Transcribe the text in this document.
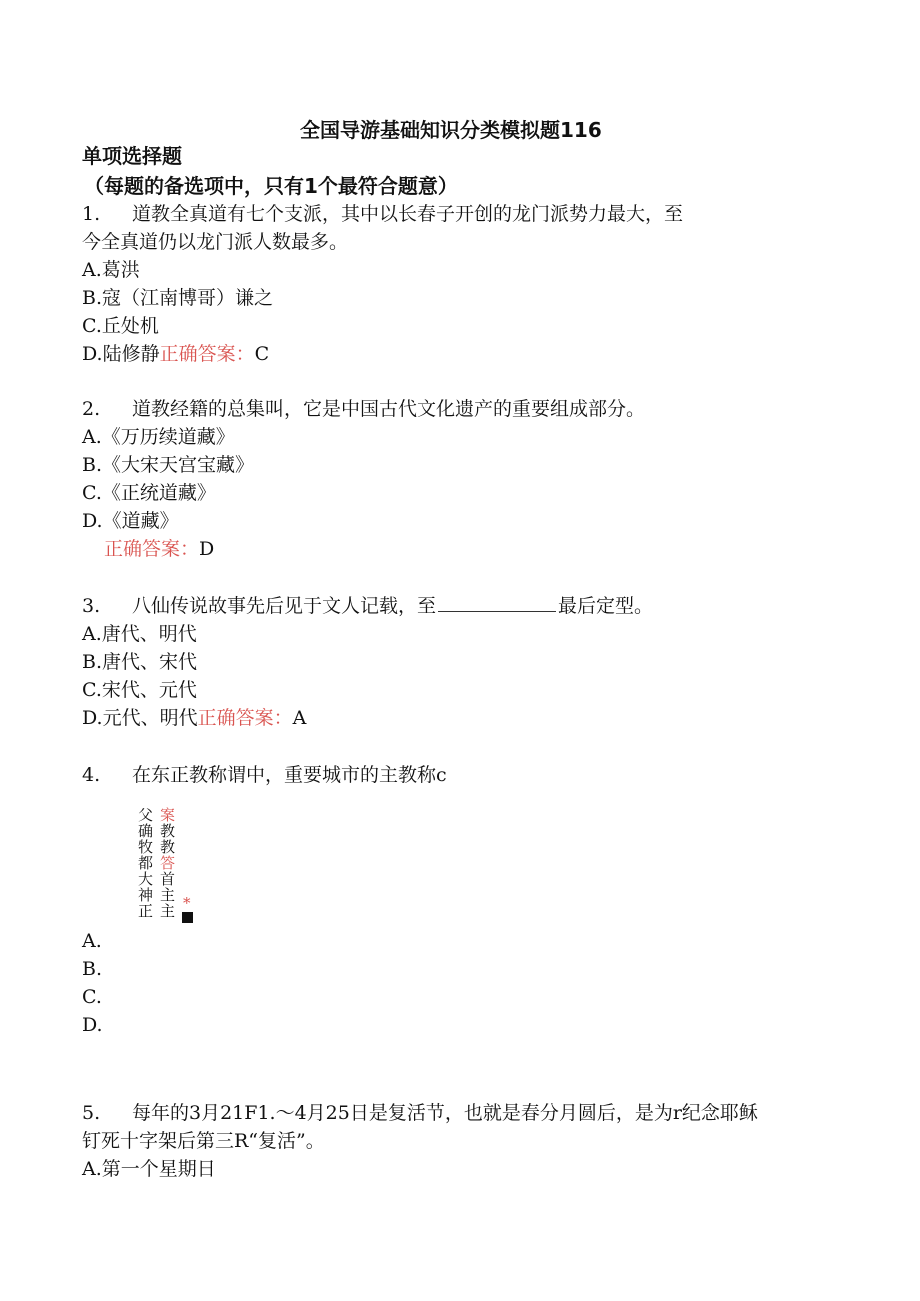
全国导游基础知识分类模拟题116
单项选择题
（每题的备选项中，只有1个最符合题意）
1. 道教全真道有七个支派，其中以长春子开创的龙门派势力最大，至
今全真道仍以龙门派人数最多。
A.葛洪
B.寇（江南博哥）谦之
C.丘处机
D.陆修静正确答案：C
2. 道教经籍的总集叫，它是中国古代文化遗产的重要组成部分。
A.《万历续道藏》
B.《大宋天宫宝藏》
C.《正统道藏》
D.《道藏》
正确答案：D
3. 八仙传说故事先后见于文人记载，至	最后定型。
A.唐代、明代
B.唐代、宋代
C.宋代、元代
D.元代、明代正确答案：A
4. 在东正教称谓中，重要城市的主教称c
父
确
牧
都
大
神
正
案
教
教
答
首
主
主 *
A.
B.
C.
D.
5. 每年的3月21F1.～4月25日是复活节，也就是春分月圆后，是为r纪念耶稣
钉死十字架后第三R“复活”。
A.第一个星期日
